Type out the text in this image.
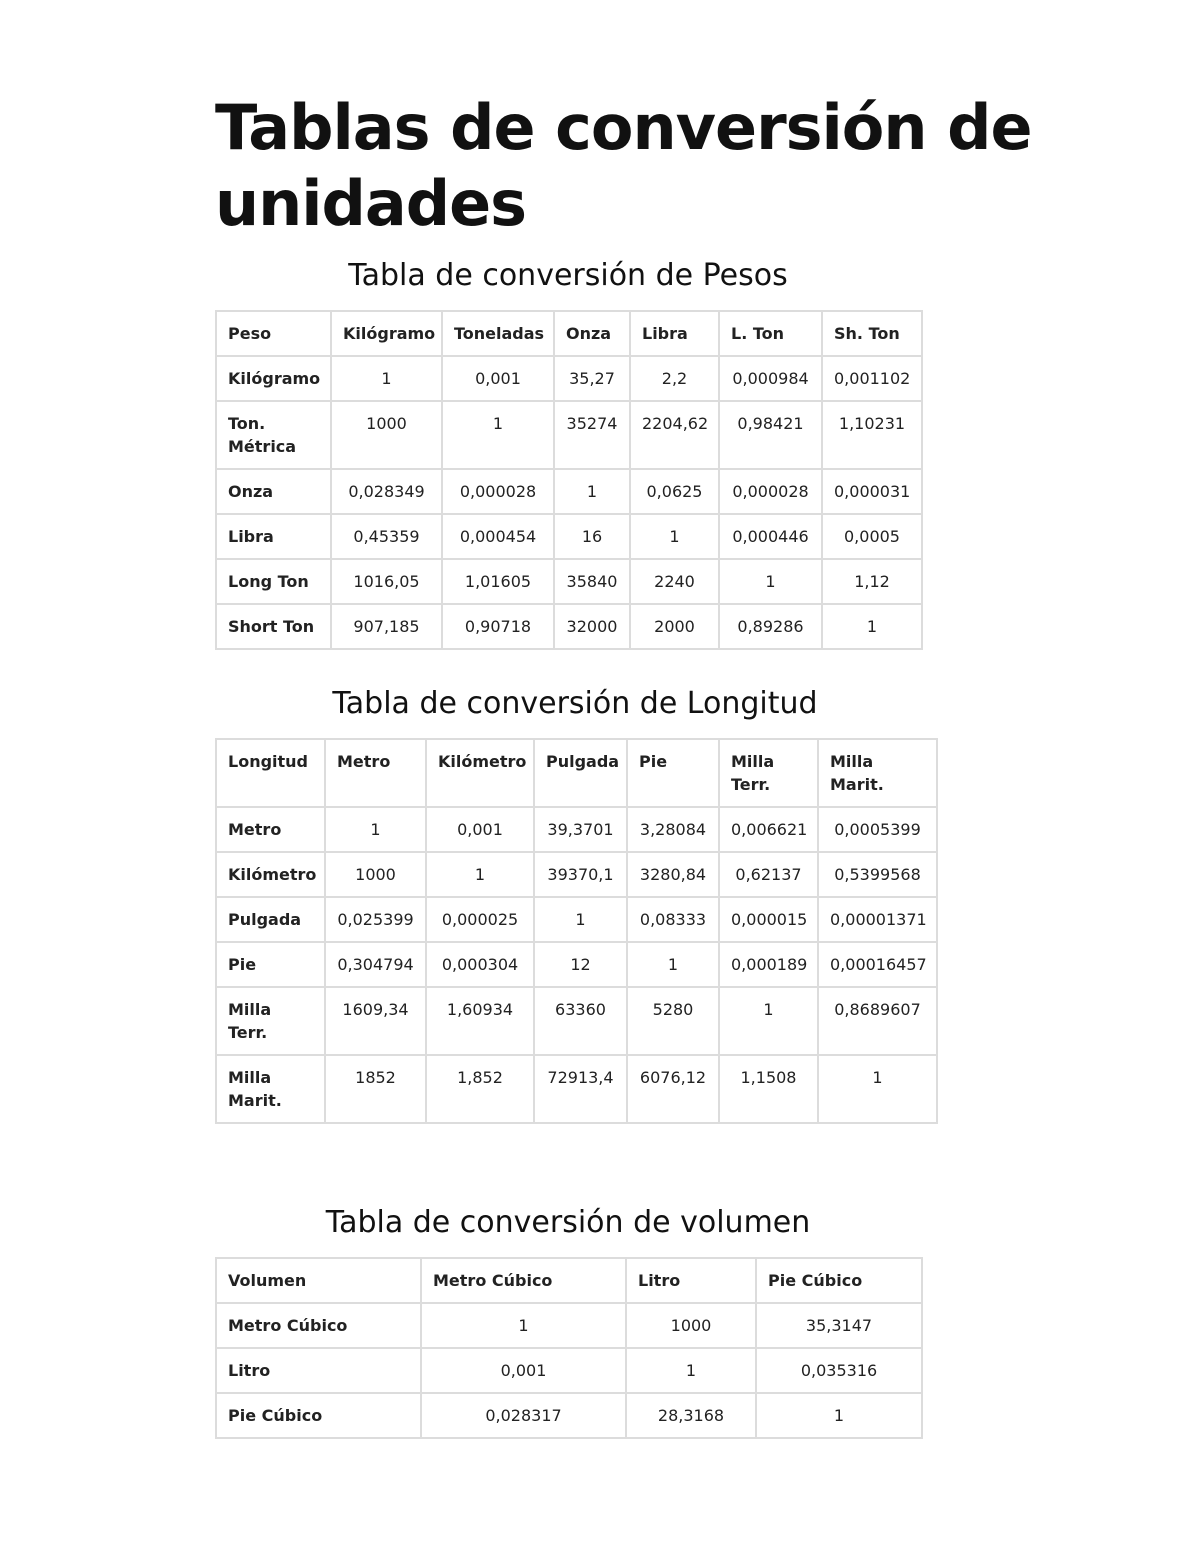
Tablas de conversión de unidades
Tabla de conversión de Pesos
Peso	Kilógramo	Toneladas	Onza	Libra	L. Ton	Sh. Ton
Kilógramo	1	0,001	35,27	2,2	0,000984	0,001102
Ton. Métrica	1000	1	35274	2204,62	0,98421	1,10231
Onza	0,028349	0,000028	1	0,0625	0,000028	0,000031
Libra	0,45359	0,000454	16	1	0,000446	0,0005
Long Ton	1016,05	1,01605	35840	2240	1	1,12
Short Ton	907,185	0,90718	32000	2000	0,89286	1
Tabla de conversión de Longitud
Longitud	Metro	Kilómetro	Pulgada	Pie	Milla Terr.	Milla Marit.
Metro	1	0,001	39,3701	3,28084	0,006621	0,0005399
Kilómetro	1000	1	39370,1	3280,84	0,62137	0,5399568
Pulgada	0,025399	0,000025	1	0,08333	0,000015	0,00001371
Pie	0,304794	0,000304	12	1	0,000189	0,00016457
Milla Terr.	1609,34	1,60934	63360	5280	1	0,8689607
Milla Marit.	1852	1,852	72913,4	6076,12	1,1508	1
Tabla de conversión de volumen
Volumen	Metro Cúbico	Litro	Pie Cúbico
Metro Cúbico	1	1000	35,3147
Litro	0,001	1	0,035316
Pie Cúbico	0,028317	28,3168	1
